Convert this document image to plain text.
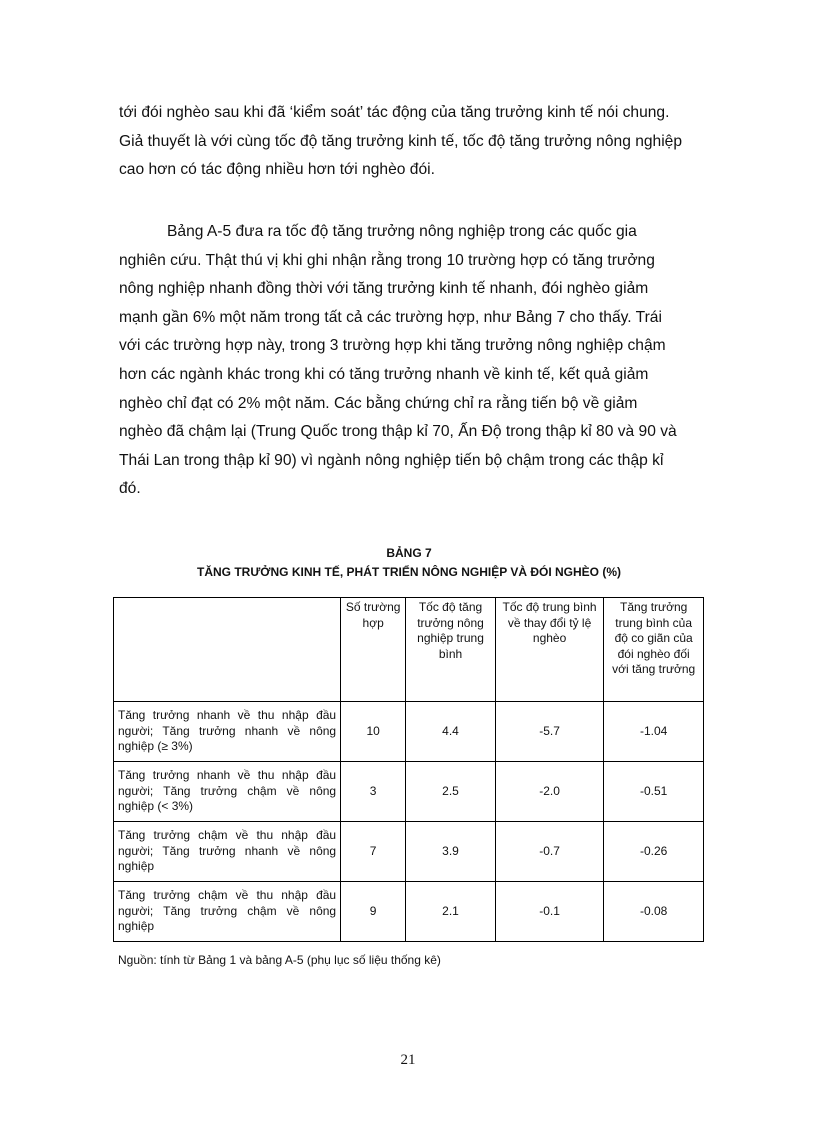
tới đói nghèo sau khi đã ‘kiểm soát’ tác động của tăng trưởng kinh tế nói chung.
Giả thuyết là với cùng tốc độ tăng trưởng kinh tế, tốc độ tăng trưởng nông nghiệp
cao hơn có tác động nhiều hơn tới nghèo đói.
Bảng A-5 đưa ra tốc độ tăng trưởng nông nghiệp trong các quốc gia
nghiên cứu. Thật thú vị khi ghi nhận rằng trong 10 trường hợp có tăng trưởng
nông nghiệp nhanh đồng thời với tăng trưởng kinh tế nhanh, đói nghèo giảm
mạnh gần 6% một năm trong tất cả các trường hợp, như Bảng 7 cho thấy. Trái
với các trường hợp này, trong 3 trường hợp khi tăng trưởng nông nghiệp chậm
hơn các ngành khác trong khi có tăng trưởng nhanh về kinh tế, kết quả giảm
nghèo chỉ đạt có 2% một năm. Các bằng chứng chỉ ra rằng tiến bộ về giảm
nghèo đã chậm lại (Trung Quốc trong thập kỉ 70, Ấn Độ trong thập kỉ 80 và 90 và
Thái Lan trong thập kỉ 90) vì ngành nông nghiệp tiến bộ chậm trong các thập kỉ
đó.
BẢNG 7
TĂNG TRƯỞNG KINH TẾ, PHÁT TRIỂN NÔNG NGHIỆP VÀ ĐÓI NGHÈO (%)
	Số trường hợp	Tốc độ tăng trưởng nông nghiệp trung bình	Tốc độ trung bình về thay đổi tỷ lệ nghèo	Tăng trưởng trung bình của độ co giãn của đói nghèo đối với tăng trưởng
Tăng trưởng nhanh về thu nhập đầu người; Tăng trưởng nhanh về nông nghiệp (≥ 3%)	10	4.4	-5.7	-1.04
Tăng trưởng nhanh về thu nhập đầu người; Tăng trưởng chậm về nông nghiệp (< 3%)	3	2.5	-2.0	-0.51
Tăng trưởng chậm về thu nhập đầu người; Tăng trưởng nhanh về nông nghiệp	7	3.9	-0.7	-0.26
Tăng trưởng chậm về thu nhập đầu người; Tăng trưởng chậm về nông nghiệp	9	2.1	-0.1	-0.08
Nguồn: tính từ Bảng 1 và bảng A-5 (phụ lục số liệu thống kê)
21
